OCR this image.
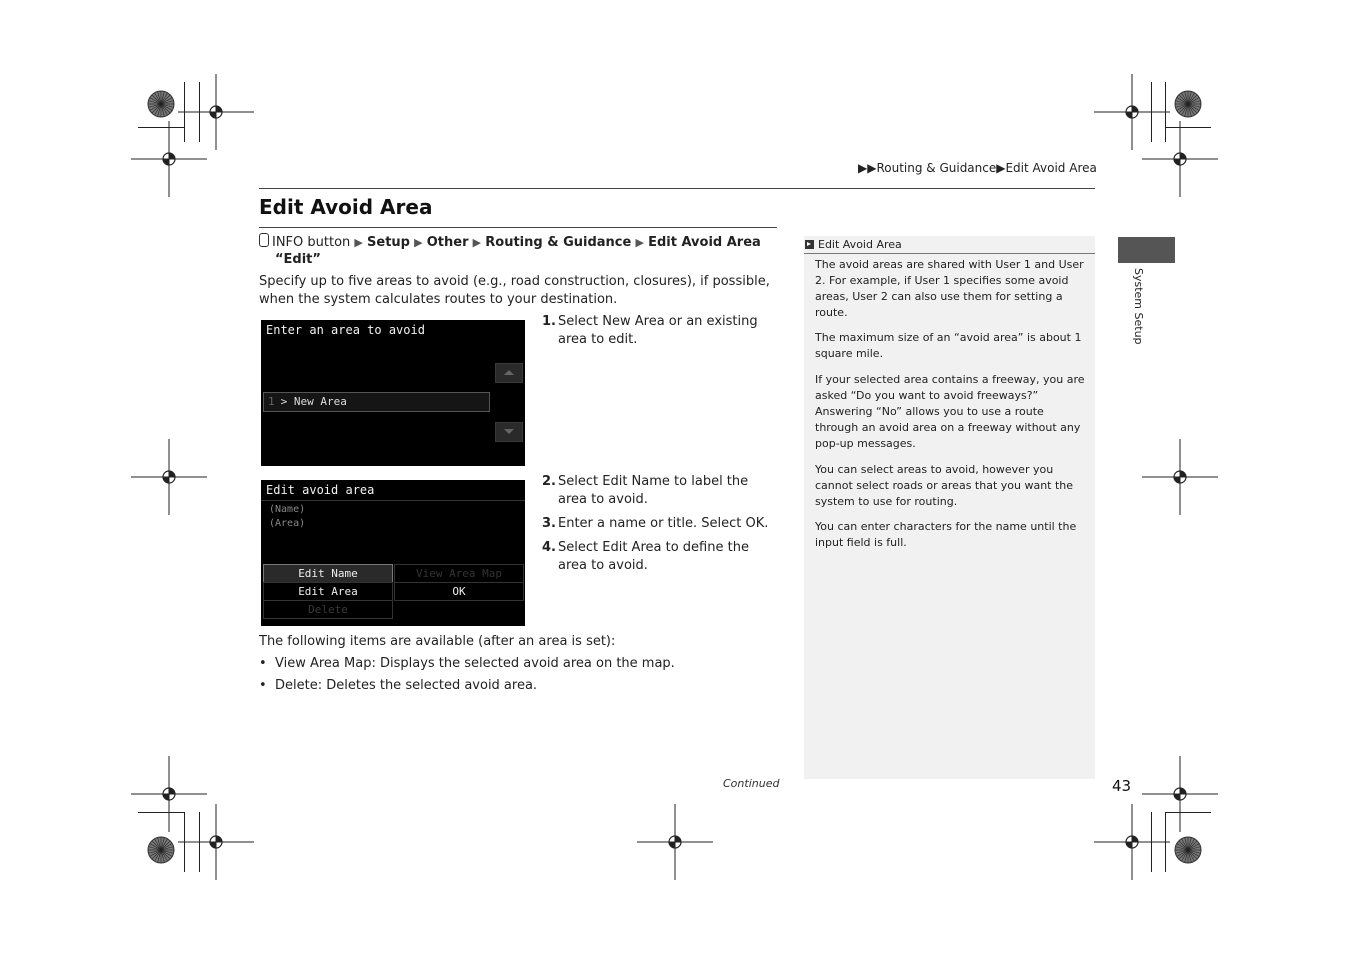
▶▶Routing & Guidance▶Edit Avoid Area
Edit Avoid Area
INFO button ▶ Setup ▶ Other ▶ Routing & Guidance ▶ Edit Avoid Area
“Edit”
Specify up to five areas to avoid (e.g., road construction, closures), if possible, when the system calculates routes to your destination.
Enter an area to avoid
1 > New Area
Edit avoid area
(Name)
(Area)
Edit Name	View Area Map
Edit Area	OK
Delete
1. Select New Area or an existing area to edit.
2. Select Edit Name to label the area to avoid.
3. Enter a name or title. Select OK.
4. Select Edit Area to define the area to avoid.
The following items are available (after an area is set):
• View Area Map: Displays the selected avoid area on the map.
• Delete: Deletes the selected avoid area.
Continued
Edit Avoid Area
The avoid areas are shared with User 1 and User 2. For example, if User 1 specifies some avoid areas, User 2 can also use them for setting a route.
The maximum size of an “avoid area” is about 1 square mile.
If your selected area contains a freeway, you are asked “Do you want to avoid freeways?” Answering “No” allows you to use a route through an avoid area on a freeway without any pop-up messages.
You can select areas to avoid, however you cannot select roads or areas that you want the system to use for routing.
You can enter characters for the name until the input field is full.
System Setup
43
